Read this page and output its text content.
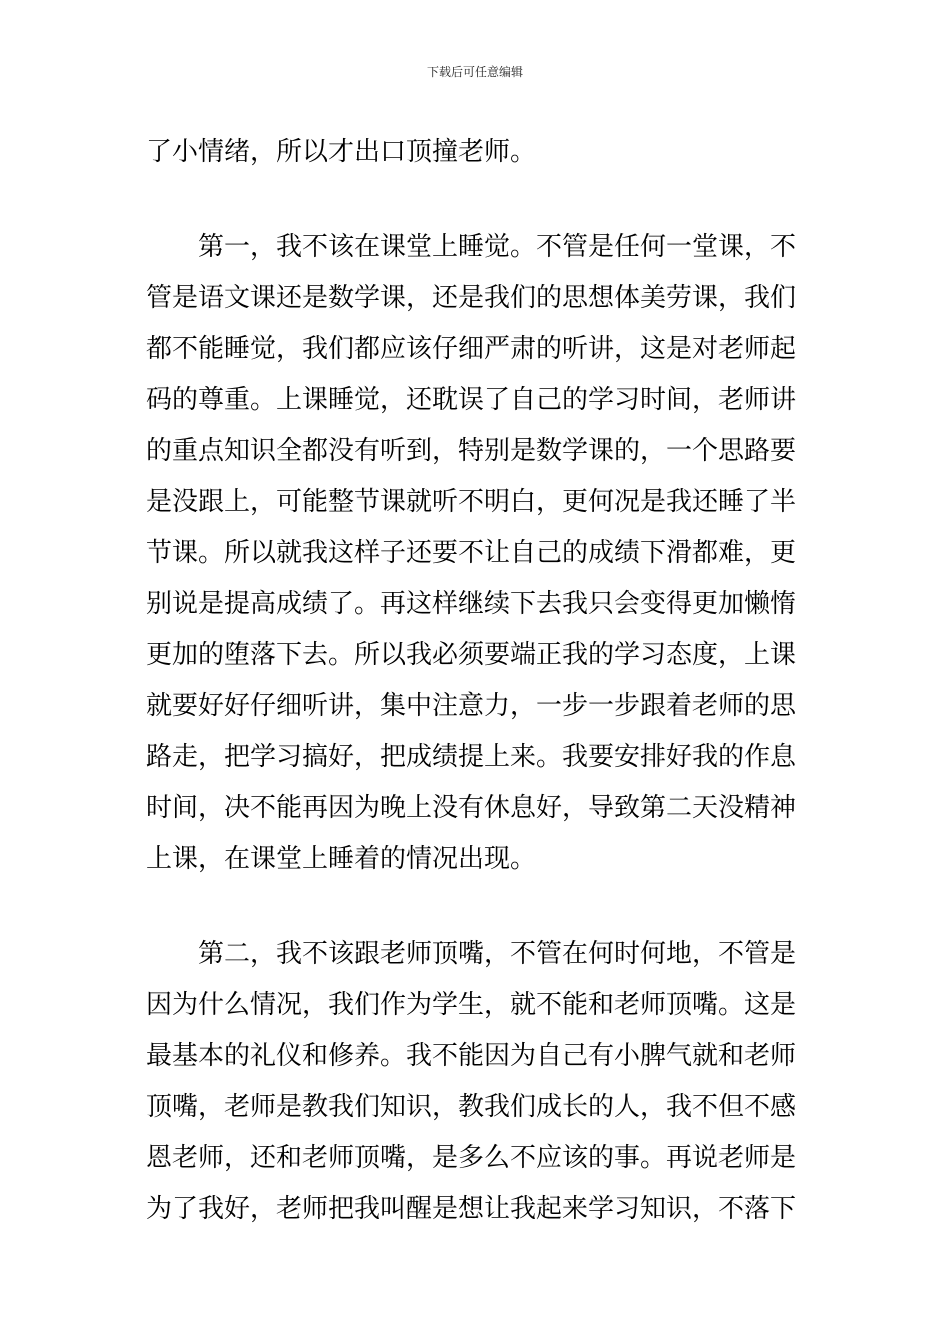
下载后可任意编辑
了小情绪，所以才出口顶撞老师。
第一，我不该在课堂上睡觉。不管是任何一堂课，不
管是语文课还是数学课，还是我们的思想体美劳课，我们
都不能睡觉，我们都应该仔细严肃的听讲，这是对老师起
码的尊重。上课睡觉，还耽误了自己的学习时间，老师讲
的重点知识全都没有听到，特别是数学课的，一个思路要
是没跟上，可能整节课就听不明白，更何况是我还睡了半
节课。所以就我这样子还要不让自己的成绩下滑都难，更
别说是提高成绩了。再这样继续下去我只会变得更加懒惰
更加的堕落下去。所以我必须要端正我的学习态度，上课
就要好好仔细听讲，集中注意力，一步一步跟着老师的思
路走，把学习搞好，把成绩提上来。我要安排好我的作息
时间，决不能再因为晚上没有休息好，导致第二天没精神
上课，在课堂上睡着的情况出现。
第二，我不该跟老师顶嘴，不管在何时何地，不管是
因为什么情况，我们作为学生，就不能和老师顶嘴。这是
最基本的礼仪和修养。我不能因为自己有小脾气就和老师
顶嘴，老师是教我们知识，教我们成长的人，我不但不感
恩老师，还和老师顶嘴，是多么不应该的事。再说老师是
为了我好，老师把我叫醒是想让我起来学习知识，不落下
